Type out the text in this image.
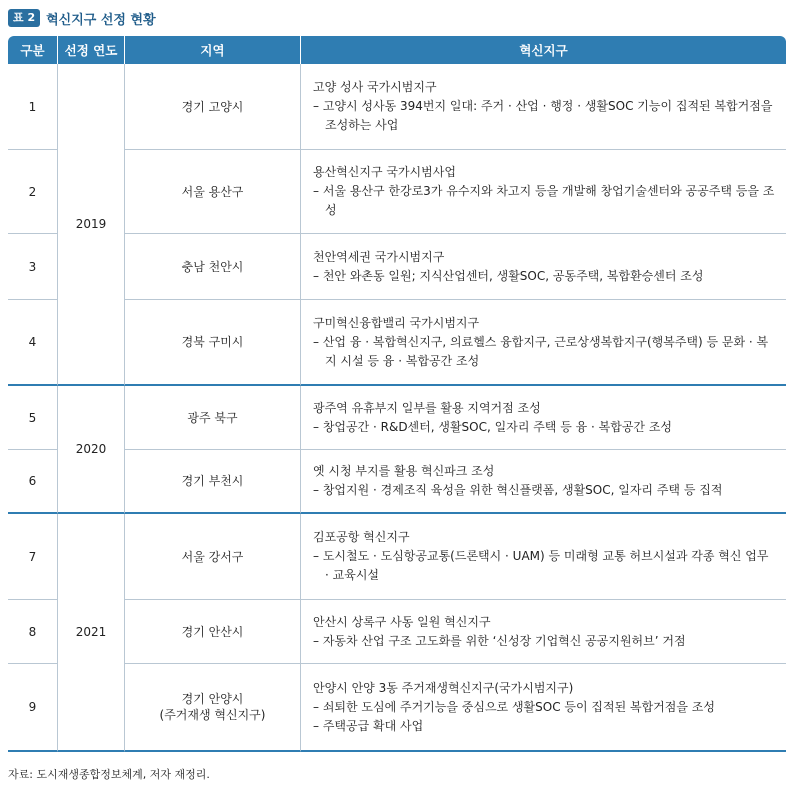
표 2 혁신지구 선정 현황
구분	선정 연도	지역	혁신지구
1	2019	경기 고양시	고양 성사 국가시범지구
– 고양시 성사동 394번지 일대: 주거 · 산업 · 행정 · 생활SOC 기능이 집적된 복합거점을 조성하는 사업

2		서울 용산구	용산혁신지구 국가시범사업
– 서울 용산구 한강로3가 유수지와 차고지 등을 개발해 창업기술센터와 공공주택 등을 조성

3		충남 천안시	천안역세권 국가시범지구
– 천안 와촌동 일원; 지식산업센터, 생활SOC, 공동주택, 복합환승센터 조성

4		경북 구미시	구미혁신융합밸리 국가시범지구
– 산업 융 · 복합혁신지구, 의료헬스 융합지구, 근로상생복합지구(행복주택) 등 문화 · 복지 시설 등 융 · 복합공간 조성

5	2020	광주 북구	광주역 유휴부지 일부를 활용 지역거점 조성
– 창업공간 · R&D센터, 생활SOC, 일자리 주택 등 융 · 복합공간 조성

6		경기 부천시	옛 시청 부지를 활용 혁신파크 조성
– 창업지원 · 경제조직 육성을 위한 혁신플랫폼, 생활SOC, 일자리 주택 등 집적

7	2021	서울 강서구	김포공항 혁신지구
– 도시철도 · 도심항공교통(드론택시 · UAM) 등 미래형 교통 허브시설과 각종 혁신 업무 · 교육시설

8		경기 안산시	안산시 상록구 사동 일원 혁신지구
– 자동차 산업 구조 고도화를 위한 ‘신성장 기업혁신 공공지원허브’ 거점

9		경기 안양시
(주거재생 혁신지구)	안양시 안양 3동 주거재생혁신지구(국가시범지구)
– 쇠퇴한 도심에 주거기능을 중심으로 생활SOC 등이 집적된 복합거점을 조성
– 주택공급 확대 사업
자료: 도시재생종합정보체계, 저자 재정리.
